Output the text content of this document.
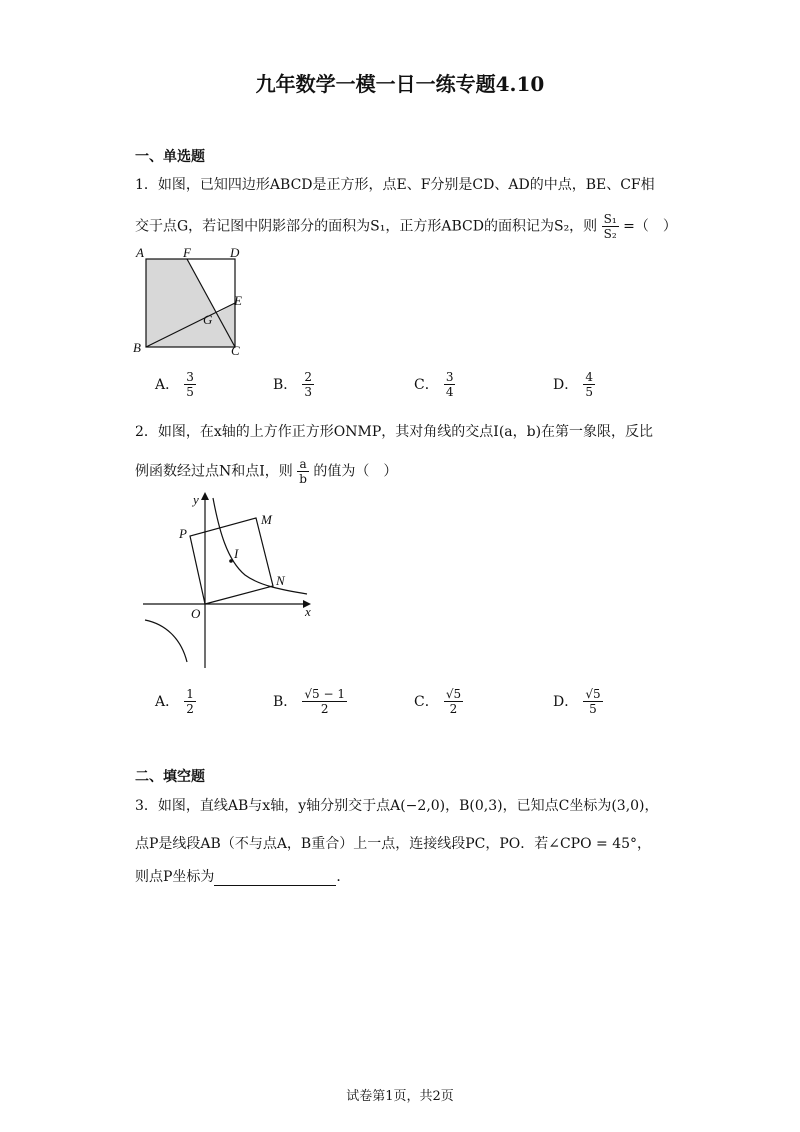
九年数学一模一日一练专题4.10
一、单选题
1．如图，已知四边形ABCD是正方形，点E、F分别是CD、AD的中点，BE、CF相
交于点G，若记图中阴影部分的面积为S₁，正方形ABCD的面积记为S₂，则 $\frac{\text{S₁}}{\text{S₂}}$ =（　）
A	F	D
E
G
B	C
A． $\frac{3}{5}$	B． $\frac{2}{3}$	C． $\frac{3}{4}$	D． $\frac{4}{5}$
2．如图，在x轴的上方作正方形ONMP，其对角线的交点I(a，b)在第一象限，反比
例函数经过点N和点I，则 $\frac{a}{b}$ 的值为（　）
y
P
M
I
N
O	x
A． $\frac{1}{2}$	B． $\frac{√5 - 1}{2}$	C． $\frac{√5}{2}$	D． $\frac{√5}{5}$
二、填空题
3．如图，直线AB与x轴，y轴分别交于点A(−2,0)，B(0,3)，已知点C坐标为(3,0)，
点P是线段AB（不与点A，B重合）上一点，连接线段PC，PO．若∠CPO = 45°，
则点P坐标为	．
试卷第1页，共2页
